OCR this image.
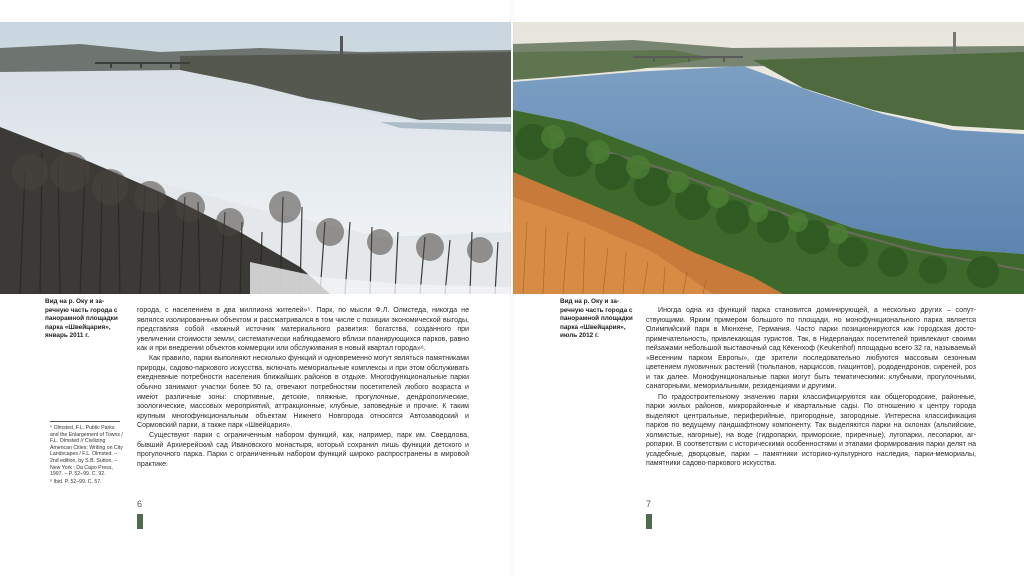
Вид на р. Оку и заречную часть города с панорамной площадки парка «Швейцария», январь 2011 г.

⁵ Olmsted, F.L. Public Parks and the Enlargement of Towns / F.L. Olmsted // Civilizing American Cities: Writing on City Landscapes / F.L. Olmsted. – 2nd edition, by S.B. Sutton. – New York : Da Capo Press, 1997. – P. 52–99. С. 92.

⁶ Ibid. P. 52–99. С. 57.

города, с населением в два миллиона жителей»⁵. Парк, по мысли Ф.Л. Олмстеда, никогда не являлся изолированным объектом и рассматривался в том числе с позиции экономической выгоды, представляя собой «важный источник материального развития: богатства, созданного при увеличении стоимости земли, систематически наблюдаемого вблизи планирующихся парков, равно как и при внедрении объектов коммерции или обслуживания в новый квартал города»⁶.

Как правило, парки выполняют несколько функций и одновременно могут являться памятниками природы, садово-паркового искусства, включать мемориальные комплексы и при этом обслуживать ежедневные потребности населения ближайших районов в отдыхе. Многофункциональные парки обычно занимают участки более 50 га, отвечают потребностям посетителей любого возраста и имеют различные зоны: спортивные, детские, пляжные, прогулочные, дендрологические, зоологические, массовых мероприятий, аттракционные, клубные, заповедные и прочие. К таким крупным многофункциональным объектам Нижнего Новгорода относятся Автозаводский и Сормовский парки, а также парк «Швейцария».

Существуют парки с ограниченным набором функций, как, например, парк им. Свердлова, бывший Архиерейский сад Ивановского монастыря, который сохранил лишь функции детского и прогулочного парка. Парки с ограниченным набором функций широко распространены в мировой практике.

6
Вид на р. Оку и заречную часть города с панорамной площадки парка «Швейцария», июль 2012 г.

Иногда одна из функций парка становится доминирующей, а несколько других – сопутствующими. Ярким примером большого по площади, но монофункционального парка является Олимпийский парк в Мюнхене, Германия. Часто парки позиционируются как городская достопримечательность, привлекающая туристов. Так, в Нидерландах посетителей привлекают своими пейзажами небольшой выставочный сад Кёкенхоф (Keukenhof) площадью всего 32 га, называемый «Весенним парком Европы», где зрители последовательно любуются массовым сезонным цветением луковичных растений (тюльпанов, нарциссов, гиацинтов), рододендронов, сиреней, роз и так далее. Монофункциональные парки могут быть тематическими: клубными, прогулочными, санаторными, мемориальными, резиденциями и другими.

По градостроительному значению парки классифицируются как общегородские, районные, парки жилых районов, микрорайонные и квартальные сады. По отношению к центру города выделяют центральные, периферийные, пригородные, загородные. Интересна классификация парков по ведущему ландшафтному компоненту. Так выделяются парки на склонах (альпийские, холмистые, нагорные), на воде (гидропарки, приморские, приречные), лугопарки, лесопарки, агропарки. В соответствии с историческими особенностями и этапами формирования парки делят на усадебные, дворцовые, парки – памятники историко-культурного наследия, парки-мемориалы, памятники садово-паркового искусства.

7
